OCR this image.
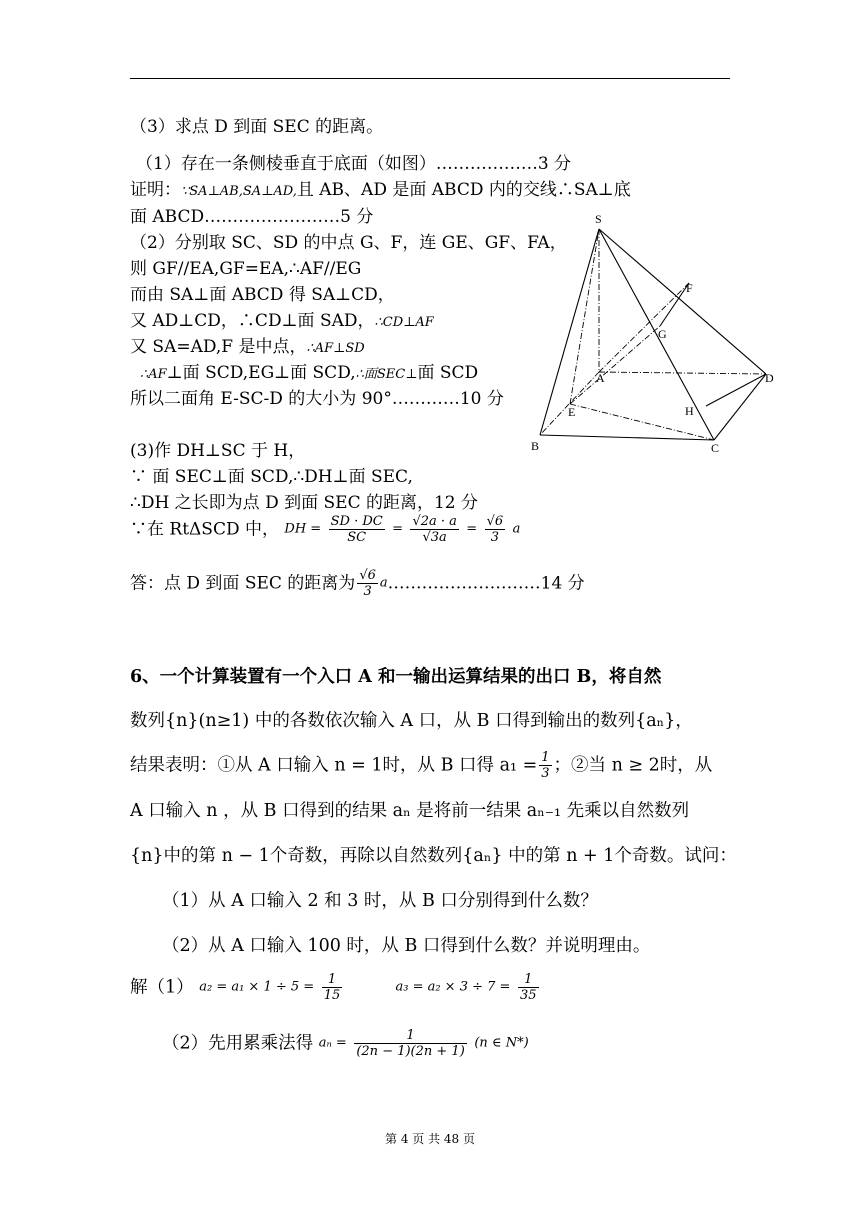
（3）求点 D 到面 SEC 的距离。
（1）存在一条侧棱垂直于底面（如图）………………3 分
证明：∵SA⊥AB,SA⊥AD,且 AB、AD 是面 ABCD 内的交线∴SA⊥底
面 ABCD……………………5 分
（2）分别取 SC、SD 的中点 G、F，连 GE、GF、FA，
则 GF//EA,GF=EA,∴AF//EG
而由 SA⊥面 ABCD 得 SA⊥CD，
又 AD⊥CD，∴CD⊥面 SAD，∴CD⊥AF
又 SA=AD,F 是中点，∴AF⊥SD
∴AF⊥面 SCD,EG⊥面 SCD,∴面SEC⊥面 SCD
所以二面角 E-SC-D 的大小为 90°…………10 分
(3)作 DH⊥SC 于 H，
∵ 面 SEC⊥面 SCD,∴DH⊥面 SEC,
∴DH 之长即为点 D 到面 SEC 的距离，12 分
∵在 RtΔSCD 中， DH = $\frac{SD \cdot DC}{SC} = \frac{√2a \cdot a}{√3a} = \frac{√6}{3}$ a
答：点 D 到面 SEC 的距离为 $\frac{√6}{3}$ a………………………14 分
6、一个计算装置有一个入口 A 和一输出运算结果的出口 B，将自然
数列{n}(n≥1) 中的各数依次输入 A 口，从 B 口得到输出的数列{aₙ}，
结果表明：①从 A 口输入 n = 1时，从 B 口得 $a_1 = \frac{1}{3}$ ；②当 n ≥ 2时，从
A 口输入 n ，从 B 口得到的结果 aₙ 是将前一结果 aₙ₋₁ 先乘以自然数列
{n}中的第 n − 1个奇数，再除以自然数列{aₙ} 中的第 n + 1个奇数。试问：
（1）从 A 口输入 2 和 3 时，从 B 口分别得到什么数？
（2）从 A 口输入 100 时，从 B 口得到什么数？并说明理由。
解（1） $a_2 = a_1 \times 1 \div 5 = \frac{1}{15}$	$a_3 = a_2 \times 3 \div 7 = \frac{1}{35}$
（2）先用累乘法得 $a_n = \frac{1}{(2n - 1)(2n + 1)} (n$ ∈ N*)
S
F
G
A	D
E	H
B	C
第 4 页 共 48 页
